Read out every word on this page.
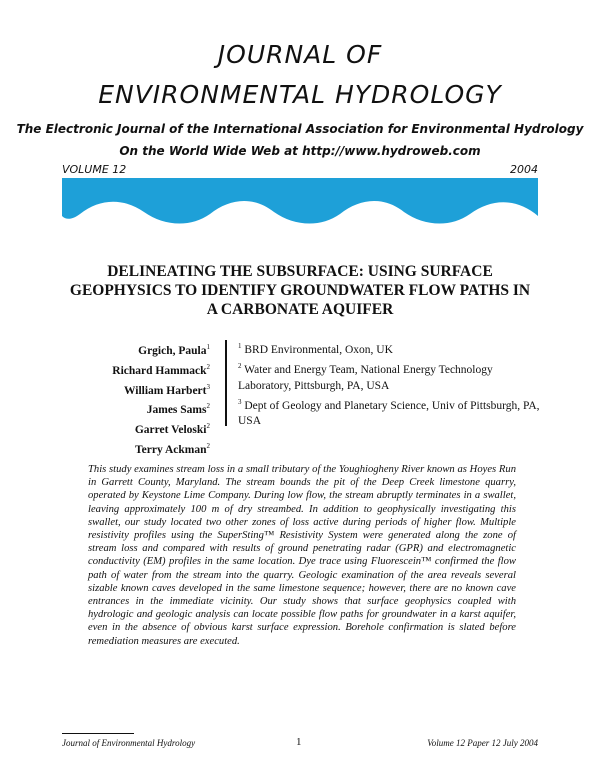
JOURNAL OF
ENVIRONMENTAL HYDROLOGY
The Electronic Journal of the International Association for Environmental Hydrology
On the World Wide Web at http://www.hydroweb.com
VOLUME 12	2004
DELINEATING THE SUBSURFACE: USING SURFACE
GEOPHYSICS TO IDENTIFY GROUNDWATER FLOW PATHS IN
A CARBONATE AQUIFER
Grgich, Paula$^1$
Richard Hammack$^2$
William Harbert$^3$
James Sams$^2$
Garret Veloski$^2$
Terry Ackman$^2$
$^1$ BRD Environmental, Oxon, UK
$^2$ Water and Energy Team, National Energy Technology Laboratory, Pittsburgh, PA, USA
$^3$ Dept of Geology and Planetary Science, Univ of Pittsburgh, PA, USA
This study examines stream loss in a small tributary of the Youghiogheny River known as Hoyes Run in Garrett County, Maryland. The stream bounds the pit of the Deep Creek limestone quarry, operated by Keystone Lime Company. During low flow, the stream abruptly terminates in a swallet, leaving approximately 100 m of dry streambed. In addition to geophysically investigating this swallet, our study located two other zones of loss active during periods of higher flow. Multiple resistivity profiles using the SuperSting™ Resistivity System were generated along the zone of stream loss and compared with results of ground penetrating radar (GPR) and electromagnetic conductivity (EM) profiles in the same location. Dye trace using Fluorescein™ confirmed the flow path of water from the stream into the quarry. Geologic examination of the area reveals several sizable known caves developed in the same limestone sequence; however, there are no known cave entrances in the immediate vicinity. Our study shows that surface geophysics coupled with hydrologic and geologic analysis can locate possible flow paths for groundwater in a karst aquifer, even in the absence of obvious karst surface expression. Borehole confirmation is slated before remediation measures are executed.
Journal of Environmental Hydrology	1	Volume 12 Paper 12 July 2004
